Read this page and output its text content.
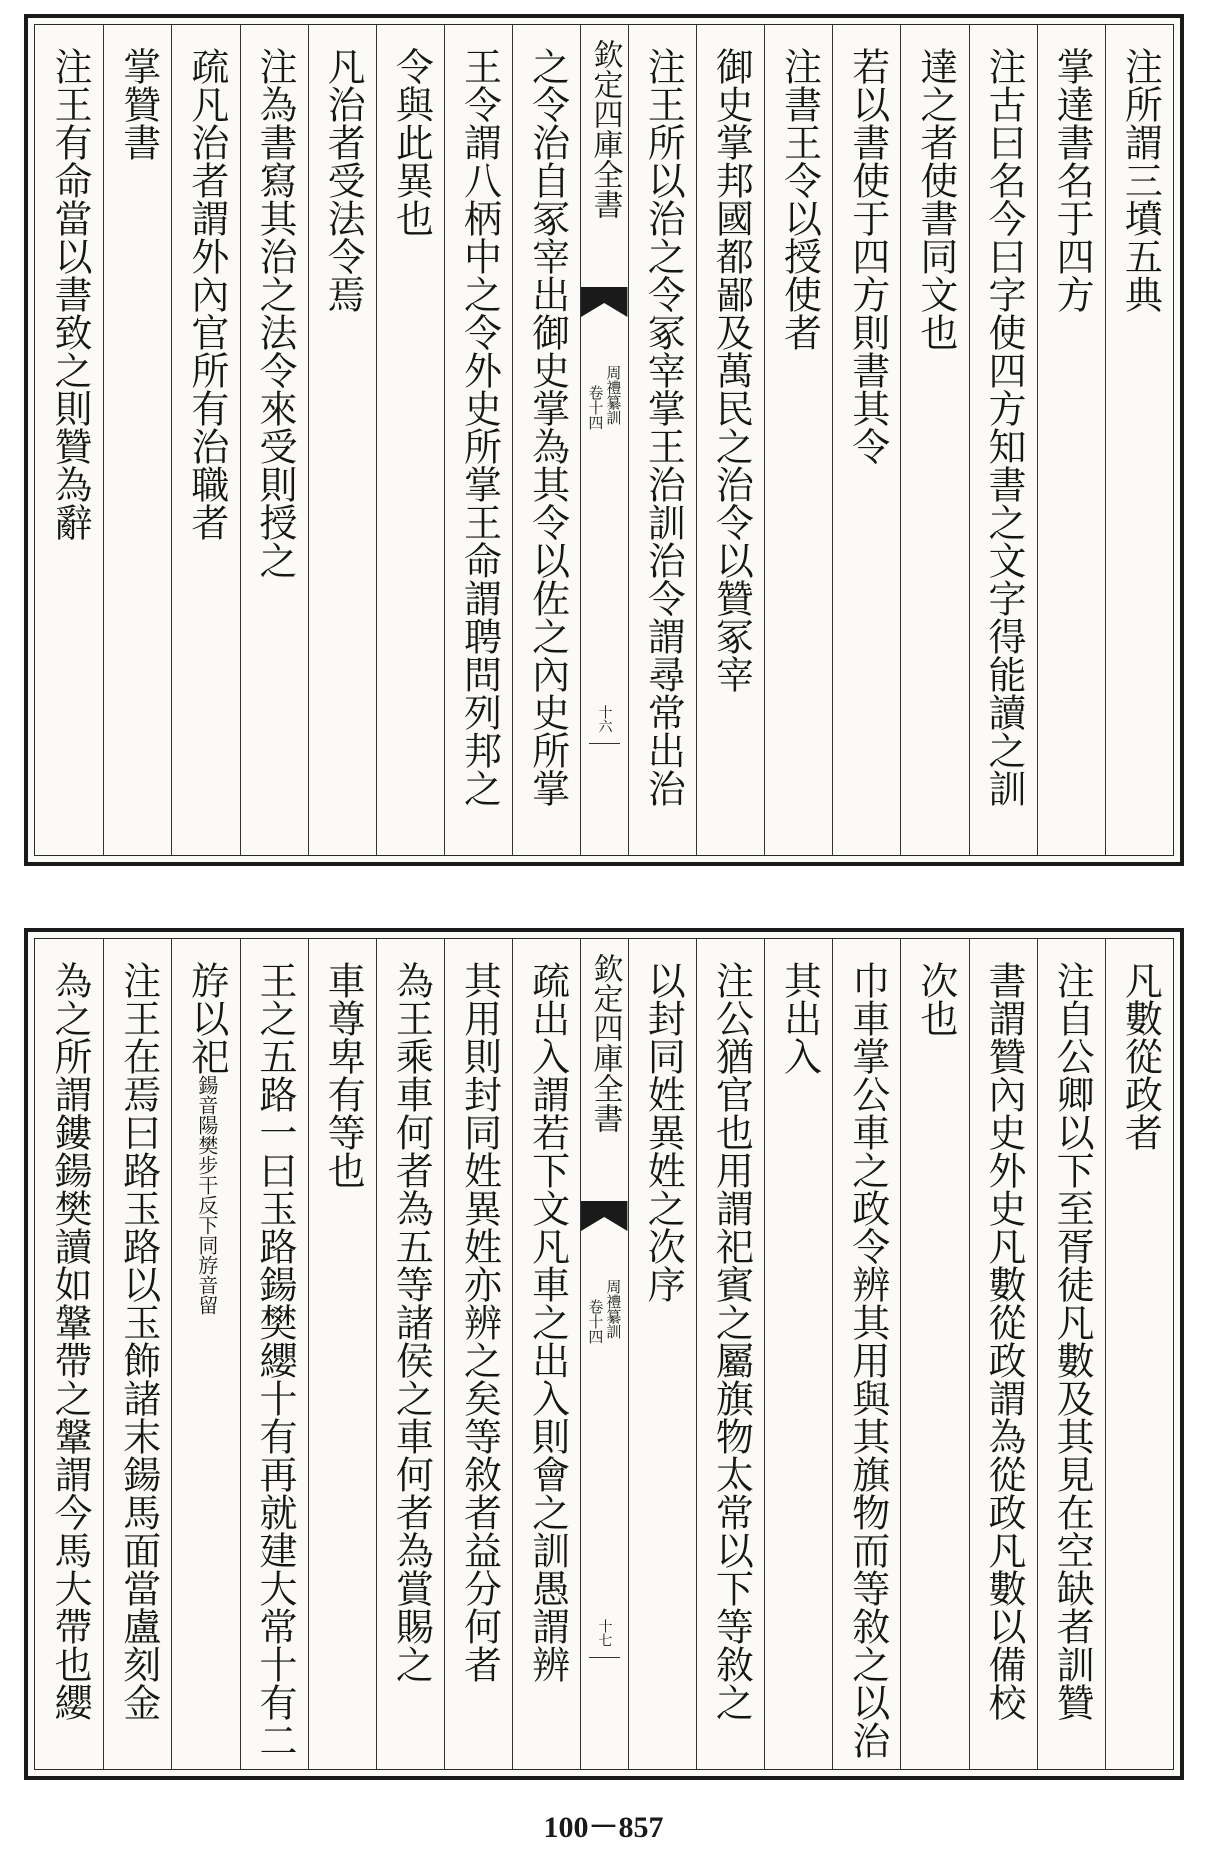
注所謂三墳五典
掌達書名于四方
注古曰名今曰字使四方知書之文字得能讀之訓
達之者使書同文也
若以書使于四方則書其令
注書王令以授使者
御史掌邦國都鄙及萬民之治令以贊冢宰
注王所以治之令冢宰掌王治訓治令謂尋常出治
欽定四庫全書
周禮纂訓
卷十四
十六
之令治自冢宰出御史掌為其令以佐之內史所掌
王令謂八柄中之令外史所掌王命謂聘問列邦之
令與此異也
凡治者受法令焉
注為書寫其治之法令來受則授之
疏凡治者謂外內官所有治職者
掌贊書
注王有命當以書致之則贊為辭
凡數從政者
注自公卿以下至胥徒凡數及其見在空缺者訓贊
書謂贊內史外史凡數從政謂為從政凡數以備校
次也
巾車掌公車之政令辨其用與其旗物而等敘之以治
其出入
注公猶官也用謂祀賓之屬旗物太常以下等敘之
以封同姓異姓之次序
欽定四庫全書
周禮纂訓
卷十四
十七
疏出入謂若下文凡車之出入則會之訓愚謂辨
其用則封同姓異姓亦辨之矣等敘者益分何者
為王乘車何者為五等諸侯之車何者為賞賜之
車尊卑有等也
王之五路一曰玉路鍚樊纓十有再就建大常十有二
斿以祀鍚音陽樊步干反下同斿音留
注王在焉曰路玉路以玉飾諸末鍚馬面當盧刻金
為之所謂鏤鍚樊讀如鞶帶之鞶謂今馬大帶也纓
100－857
